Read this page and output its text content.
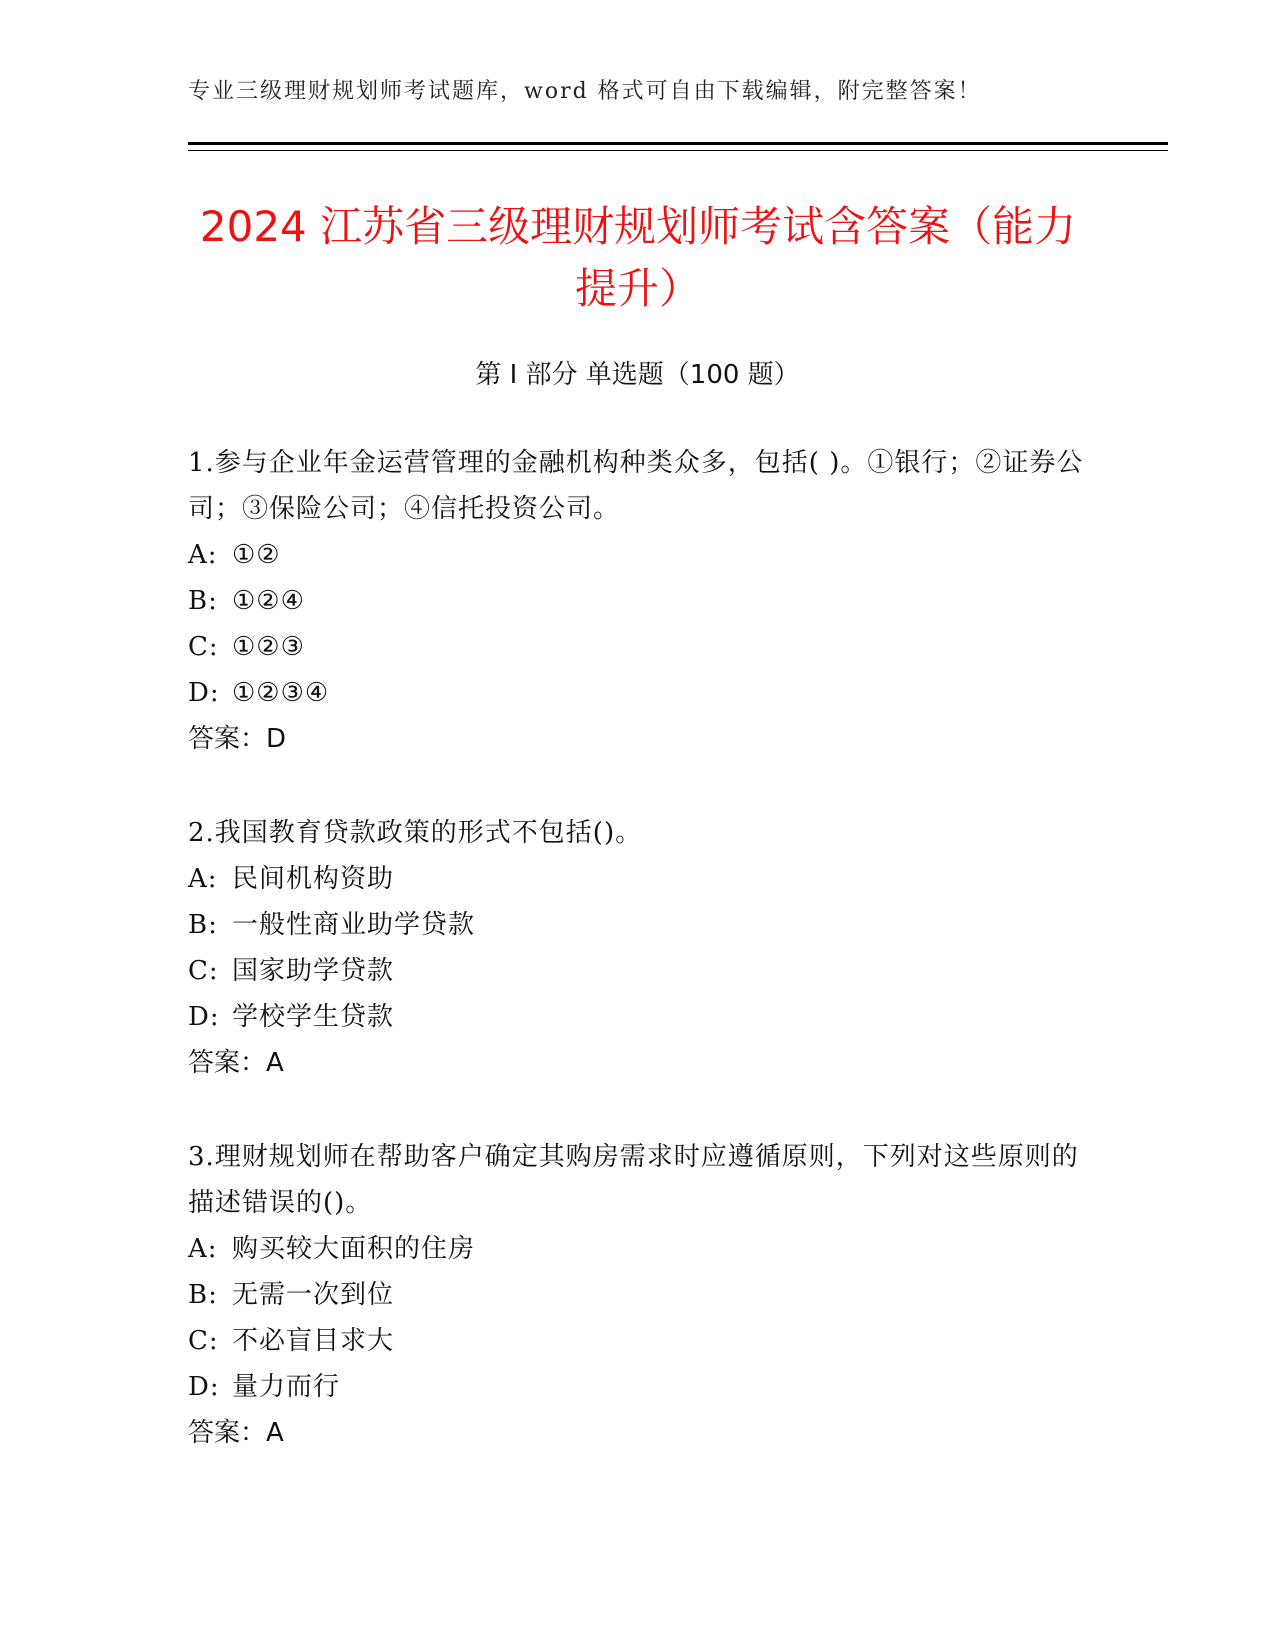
专业三级理财规划师考试题库，word 格式可自由下载编辑，附完整答案！
2024 江苏省三级理财规划师考试含答案（能力提升）
第 I 部分 单选题（100 题）
1.参与企业年金运营管理的金融机构种类众多，包括( )。①银行；②证券公司；③保险公司；④信托投资公司。
A: ①②
B: ①②④
C: ①②③
D: ①②③④
答案：D
2.我国教育贷款政策的形式不包括()。
A: 民间机构资助
B: 一般性商业助学贷款
C: 国家助学贷款
D: 学校学生贷款
答案：A
3.理财规划师在帮助客户确定其购房需求时应遵循原则，下列对这些原则的描述错误的()。
A: 购买较大面积的住房
B: 无需一次到位
C: 不必盲目求大
D: 量力而行
答案：A
